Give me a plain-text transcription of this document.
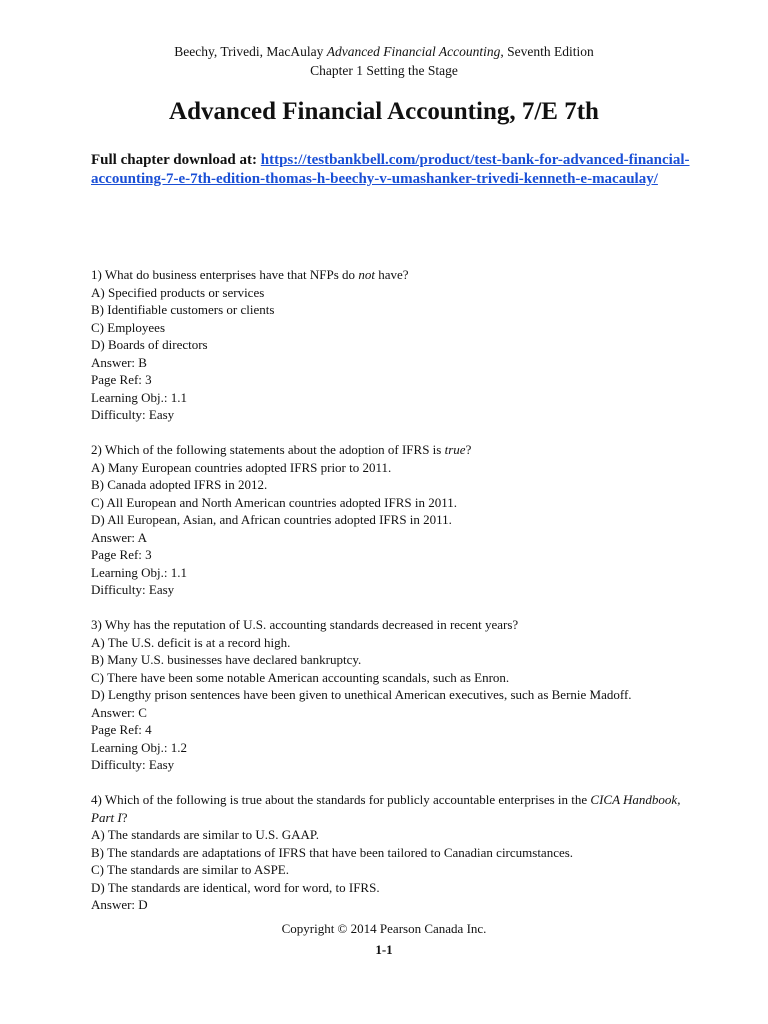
Beechy, Trivedi, MacAulay Advanced Financial Accounting, Seventh Edition
Chapter 1 Setting the Stage
Advanced Financial Accounting, 7/E 7th
Full chapter download at: https://testbankbell.com/product/test-bank-for-advanced-financial-accounting-7-e-7th-edition-thomas-h-beechy-v-umashanker-trivedi-kenneth-e-macaulay/
1) What do business enterprises have that NFPs do not have?
A) Specified products or services
B) Identifiable customers or clients
C) Employees
D) Boards of directors
Answer: B
Page Ref: 3
Learning Obj.: 1.1
Difficulty: Easy
2) Which of the following statements about the adoption of IFRS is true?
A) Many European countries adopted IFRS prior to 2011.
B) Canada adopted IFRS in 2012.
C) All European and North American countries adopted IFRS in 2011.
D) All European, Asian, and African countries adopted IFRS in 2011.
Answer: A
Page Ref: 3
Learning Obj.: 1.1
Difficulty: Easy
3) Why has the reputation of U.S. accounting standards decreased in recent years?
A) The U.S. deficit is at a record high.
B) Many U.S. businesses have declared bankruptcy.
C) There have been some notable American accounting scandals, such as Enron.
D) Lengthy prison sentences have been given to unethical American executives, such as Bernie Madoff.
Answer: C
Page Ref: 4
Learning Obj.: 1.2
Difficulty: Easy
4) Which of the following is true about the standards for publicly accountable enterprises in the CICA Handbook, Part I?
A) The standards are similar to U.S. GAAP.
B) The standards are adaptations of IFRS that have been tailored to Canadian circumstances.
C) The standards are similar to ASPE.
D) The standards are identical, word for word, to IFRS.
Answer: D
Copyright © 2014 Pearson Canada Inc.
1-1
